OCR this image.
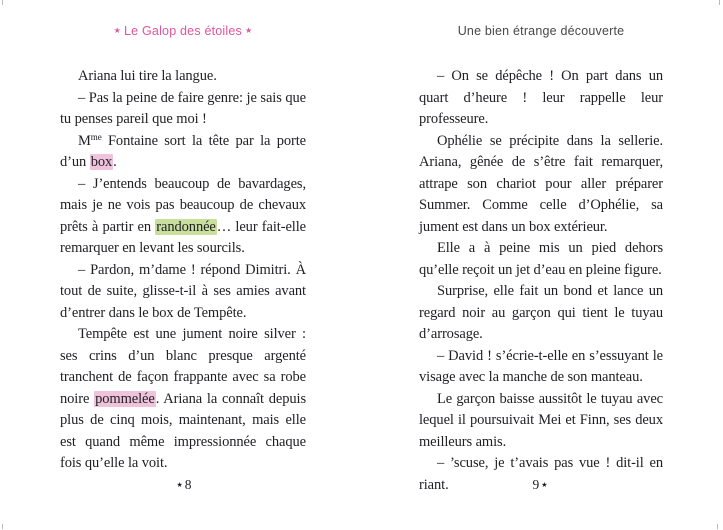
★ Le Galop des étoiles ★

Ariana lui tire la langue.

– Pas la peine de faire genre: je sais que tu penses pareil que moi !

$M^{me}$ Fontaine sort la tête par la porte d’un box.

– J’entends beaucoup de bavardages, mais je ne vois pas beaucoup de chevaux prêts à partir en randonnée… leur fait-elle remarquer en levant les sourcils.

– Pardon, m’dame ! répond Dimitri. À tout de suite, glisse-t-il à ses amies avant d’entrer dans le box de Tempête.

Tempête est une jument noire silver : ses crins d’un blanc presque argenté tranchent de façon frappante avec sa robe noire pommelée. Ariana la connaît depuis plus de cinq mois, maintenant, mais elle est quand même impressionnée chaque fois qu’elle la voit.

★ 8
Une bien étrange découverte

– On se dépêche ! On part dans un quart d’heure ! leur rappelle leur professeure.

Ophélie se précipite dans la sellerie. Ariana, gênée de s’être fait remarquer, attrape son chariot pour aller préparer Summer. Comme celle d’Ophélie, sa jument est dans un box extérieur.

Elle a à peine mis un pied dehors qu’elle reçoit un jet d’eau en pleine figure.

Surprise, elle fait un bond et lance un regard noir au garçon qui tient le tuyau d’arrosage.

– David ! s’écrie-t-elle en s’essuyant le visage avec la manche de son manteau.

Le garçon baisse aussitôt le tuyau avec lequel il poursuivait Mei et Finn, ses deux meilleurs amis.

– ’scuse, je t’avais pas vue ! dit-il en riant.	9 ★
